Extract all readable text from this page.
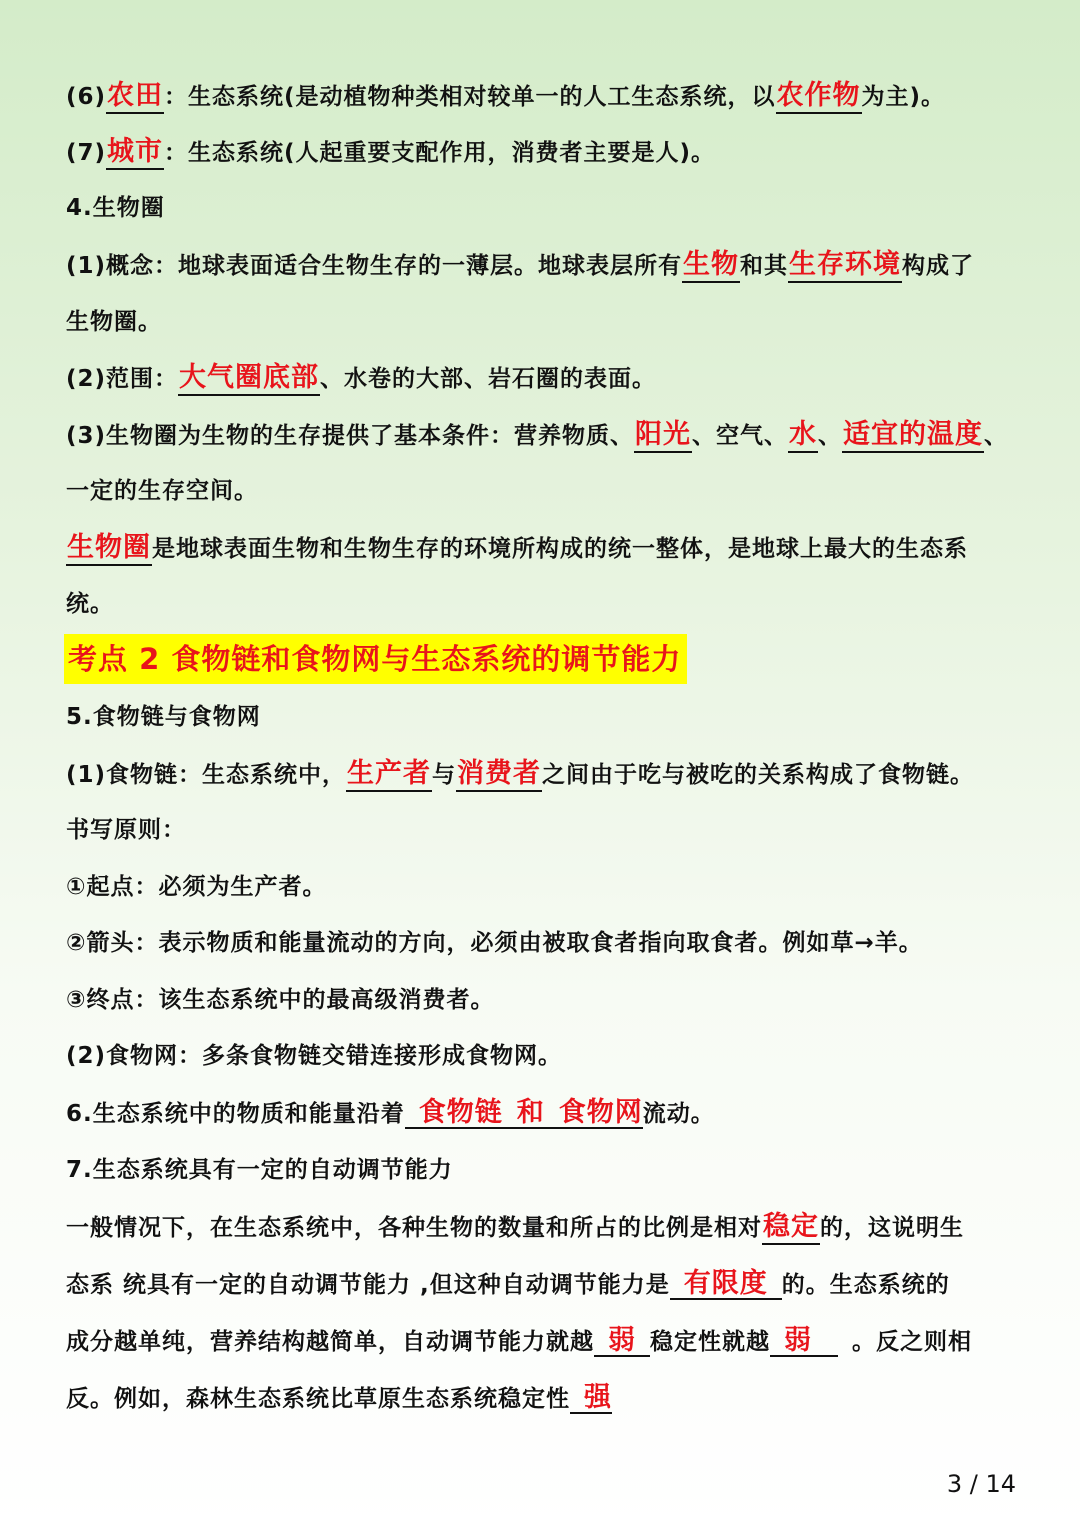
(6)农田：生态系统(是动植物种类相对较单一的人工生态系统，以农作物为主)。
(7)城市：生态系统(人起重要支配作用，消费者主要是人)。
4.生物圈
(1)概念：地球表面适合生物生存的一薄层。地球表层所有生物和其生存环境构成了
生物圈。
(2)范围：大气圈底部、水卷的大部、岩石圈的表面。
(3)生物圈为生物的生存提供了基本条件：营养物质、阳光、空气、水、适宜的温度、
一定的生存空间。
生物圈是地球表面生物和生物生存的环境所构成的统一整体，是地球上最大的生态系
统。
考点 2 食物链和食物网与生态系统的调节能力
5.食物链与食物网
(1)食物链：生态系统中，生产者与消费者之间由于吃与被吃的关系构成了食物链。
书写原则：
①起点：必须为生产者。
②箭头：表示物质和能量流动的方向，必须由被取食者指向取食者。例如草→羊。
③终点：该生态系统中的最高级消费者。
(2)食物网：多条食物链交错连接形成食物网。
6.生态系统中的物质和能量沿着 食物链 和 食物网流动。
7.生态系统具有一定的自动调节能力
一般情况下，在生态系统中，各种生物的数量和所占的比例是相对稳定的，这说明生
态系 统具有一定的自动调节能力 ,但这种自动调节能力是 有限度 的。生态系统的
成分越单纯，营养结构越简单，自动调节能力就越 弱 稳定性就越 弱 。反之则相
反。例如，森林生态系统比草原生态系统稳定性 强
3 / 14
